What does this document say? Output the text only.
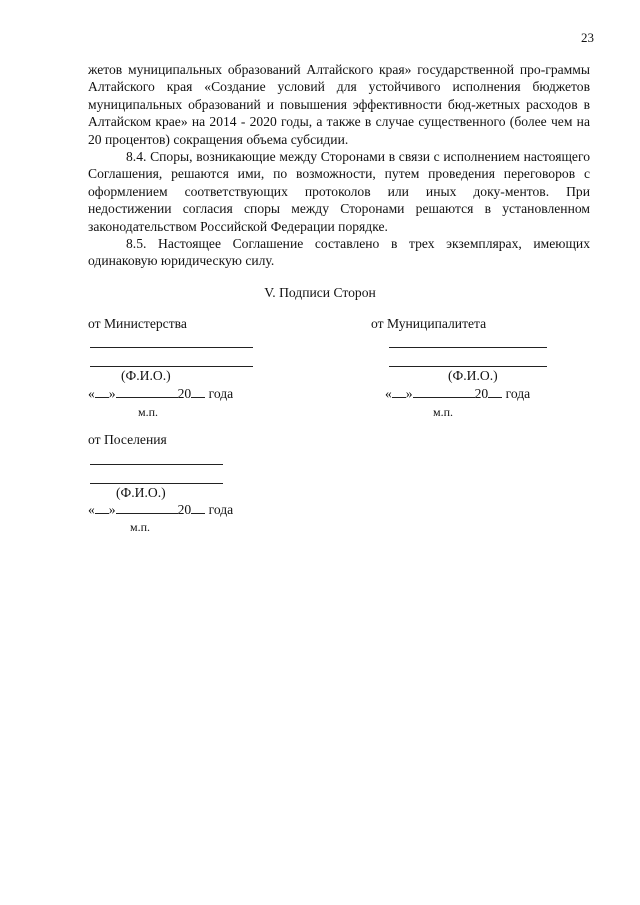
23

жетов муниципальных образований Алтайского края» государственной про-граммы Алтайского края «Создание условий для устойчивого исполнения бюджетов муниципальных образований и повышения эффективности бюд-жетных расходов в Алтайском крае» на 2014 - 2020 годы, а также в случае существенного (более чем на 20 процентов) сокращения объема субсидии.

8.4. Споры, возникающие между Сторонами в связи с исполнением настоящего Соглашения, решаются ими, по возможности, путем проведения переговоров с оформлением соответствующих протоколов или иных доку-ментов. При недостижении согласия споры между Сторонами решаются в установленном законодательством Российской Федерации порядке.

8.5. Настоящее Соглашение составлено в трех экземплярах, имеющих одинаковую юридическую силу.

V. Подписи Сторон
от Министерства
(Ф.И.О.)
« »	20 года
м.п.
от Муниципалитета
(Ф.И.О.)
« »	20 года
м.п.
от Поселения
(Ф.И.О.)
« »	20 года
м.п.
